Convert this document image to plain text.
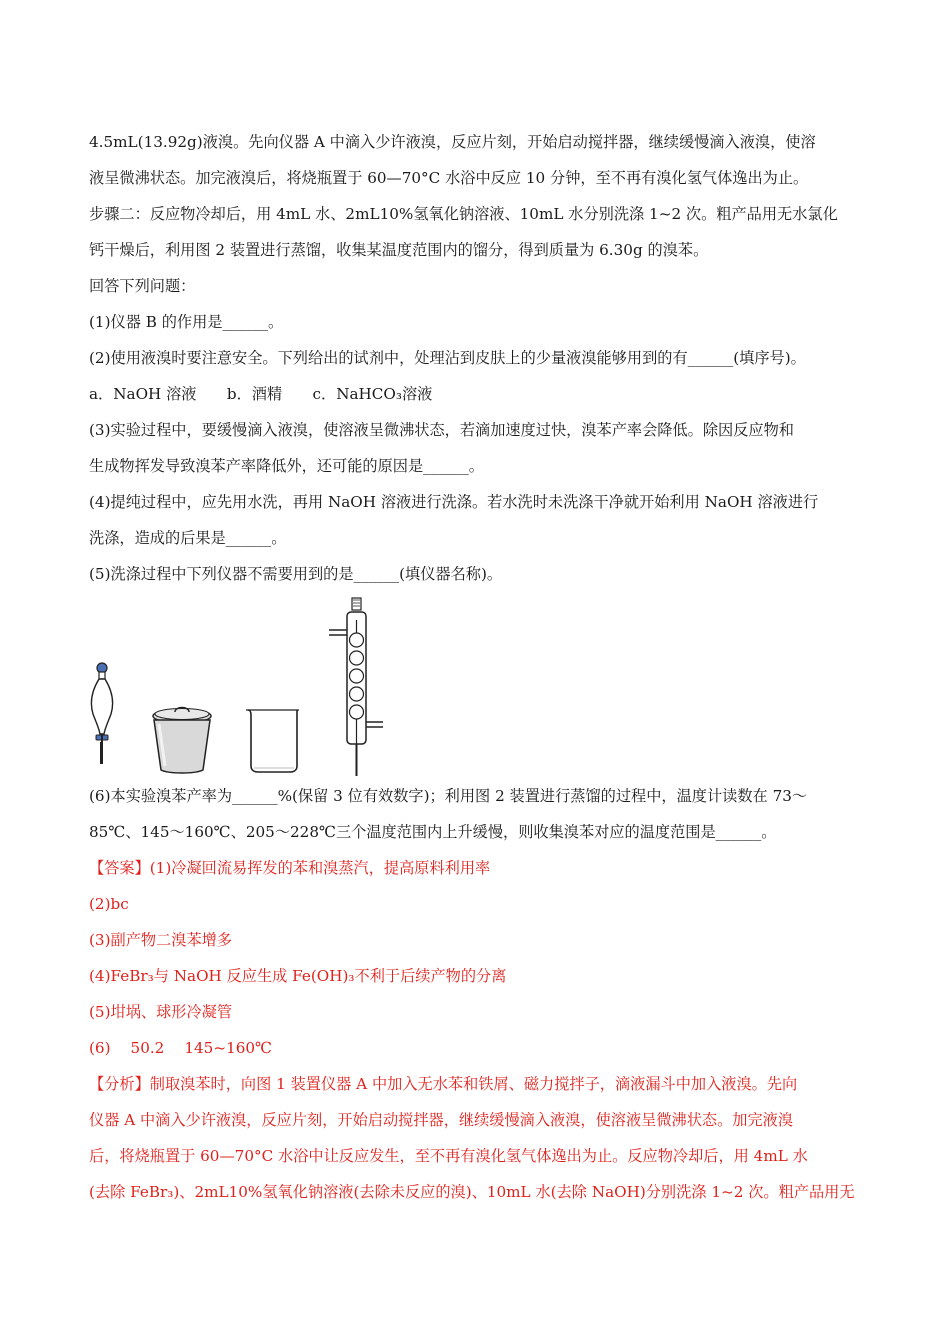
4.5mL(13.92g)液溴。先向仪器 A 中滴入少许液溴，反应片刻，开始启动搅拌器，继续缓慢滴入液溴，使溶
液呈微沸状态。加完液溴后，将烧瓶置于 60—70°C 水浴中反应 10 分钟，至不再有溴化氢气体逸出为止。
步骤二：反应物冷却后，用 4mL 水、2mL10%氢氧化钠溶液、10mL 水分别洗涤 1~2 次。粗产品用无水氯化
钙干燥后，利用图 2 装置进行蒸馏，收集某温度范围内的馏分，得到质量为 6.30g 的溴苯。
回答下列问题：
(1)仪器 B 的作用是______。
(2)使用液溴时要注意安全。下列给出的试剂中，处理沾到皮肤上的少量液溴能够用到的有______(填序号)。
a．NaOH 溶液　　b．酒精　　c．NaHCO₃溶液
(3)实验过程中，要缓慢滴入液溴，使溶液呈微沸状态，若滴加速度过快，溴苯产率会降低。除因反应物和
生成物挥发导致溴苯产率降低外，还可能的原因是______。
(4)提纯过程中，应先用水洗，再用 NaOH 溶液进行洗涤。若水洗时未洗涤干净就开始利用 NaOH 溶液进行
洗涤，造成的后果是______。
(5)洗涤过程中下列仪器不需要用到的是______(填仪器名称)。
(6)本实验溴苯产率为______%(保留 3 位有效数字)；利用图 2 装置进行蒸馏的过程中，温度计读数在 73～
85℃、145～160℃、205～228℃三个温度范围内上升缓慢，则收集溴苯对应的温度范围是______。
【答案】(1)冷凝回流易挥发的苯和溴蒸汽，提高原料利用率
(2)bc
(3)副产物二溴苯增多
(4)FeBr₃与 NaOH 反应生成 Fe(OH)₃不利于后续产物的分离
(5)坩埚、球形冷凝管
(6)　 50.2　 145~160℃
【分析】制取溴苯时，向图 1 装置仪器 A 中加入无水苯和铁屑、磁力搅拌子，滴液漏斗中加入液溴。先向
仪器 A 中滴入少许液溴，反应片刻，开始启动搅拌器，继续缓慢滴入液溴，使溶液呈微沸状态。加完液溴
后，将烧瓶置于 60—70°C 水浴中让反应发生，至不再有溴化氢气体逸出为止。反应物冷却后，用 4mL 水
(去除 FeBr₃)、2mL10%氢氧化钠溶液(去除未反应的溴)、10mL 水(去除 NaOH)分别洗涤 1~2 次。粗产品用无
